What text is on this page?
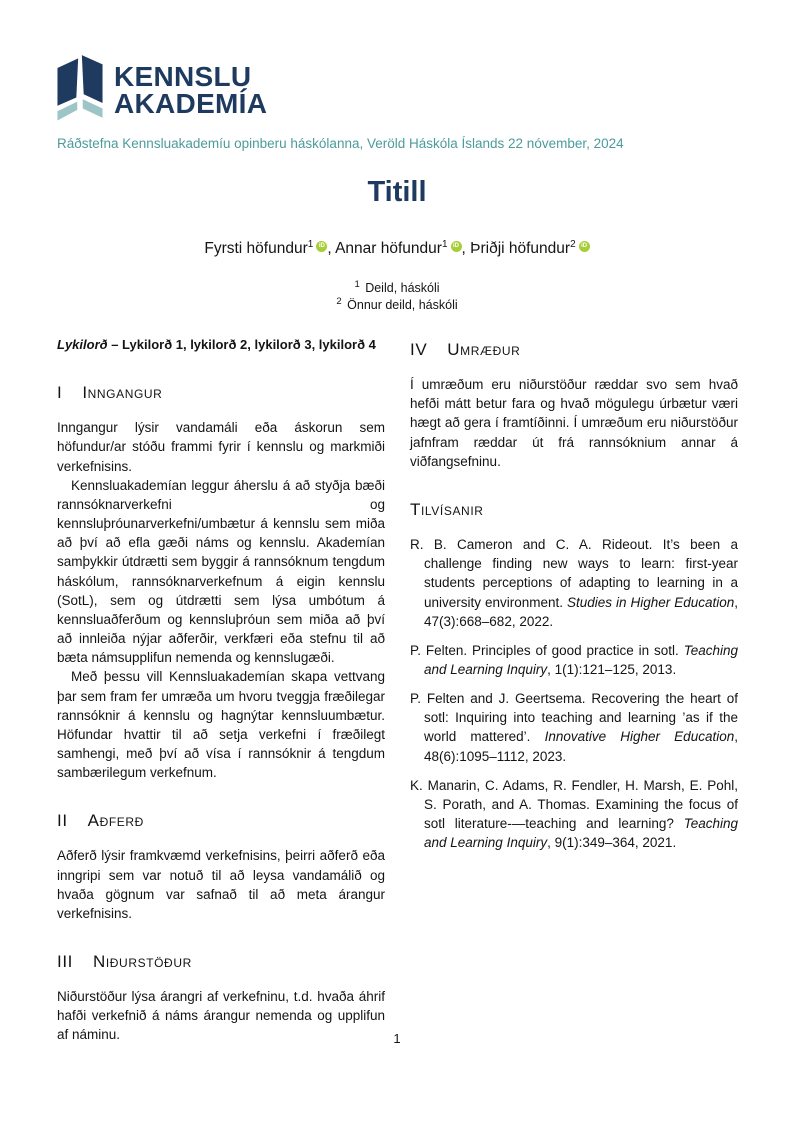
KENNSLU
AKADEMÍA
Ráðstefna Kennsluakademíu opinberu háskólanna, Veröld Háskóla Íslands 22 nóvember, 2024
Titill
Fyrsti höfundur$^1$ iD , Annar höfundur$^1$ iD , Þriðji höfundur$^2$ iD
$^1$ Deild, háskóli
$^2$ Önnur deild, háskóli
Lykilorð – Lykilorð 1, lykilorð 2, lykilorð 3, lykilorð 4
I Inngangur

Inngangur lýsir vandamáli eða áskorun sem höfundur/ar stóðu frammi fyrir í kennslu og markmiði verkefnisins.

Kennsluakademían leggur áherslu á að styðja bæði rannsóknarverkefni og kennsluþróunarverkefni/umbætur á kennslu sem miða að því að efla gæði náms og kennslu. Akademían samþykkir útdrætti sem byggir á rannsóknum tengdum háskólum, rannsóknarverkefnum á eigin kennslu (SotL), sem og útdrætti sem lýsa umbótum á kennsluaðferðum og kennsluþróun sem miða að því að innleiða nýjar aðferðir, verkfæri eða stefnu til að bæta námsupplifun nemenda og kennslugæði.

Með þessu vill Kennsluakademían skapa vettvang þar sem fram fer umræða um hvoru tveggja fræðilegar rannsóknir á kennslu og hagnýtar kennsluumbætur. Höfundar hvattir til að setja verkefni í fræðilegt samhengi, með því að vísa í rannsóknir á tengdum sambærilegum verkefnum.

II Aðferð

Aðferð lýsir framkvæmd verkefnisins, þeirri aðferð eða inngripi sem var notuð til að leysa vandamálið og hvaða gögnum var safnað til að meta árangur verkefnisins.

III Niðurstöður

Niðurstöður lýsa árangri af verkefninu, t.d. hvaða áhrif hafði verkefnið á náms árangur nemenda og upplifun af náminu.

IV Umræður

Í umræðum eru niðurstöður ræddar svo sem hvað hefði mátt betur fara og hvað mögulegu úrbætur væri hægt að gera í framtíðinni. Í umræðum eru niðurstöður jafnfram ræddar út frá rannsóknium annar á viðfangsefninu.

Tilvísanir
R. B. Cameron and C. A. Rideout. It’s been a challenge finding new ways to learn: first-year students perceptions of adapting to learning in a university environment. Studies in Higher Education, 47(3):668–682, 2022.
P. Felten. Principles of good practice in sotl. Teaching and Learning Inquiry, 1(1):121–125, 2013.
P. Felten and J. Geertsema. Recovering the heart of sotl: Inquiring into teaching and learning ’as if the world mattered’. Innovative Higher Education, 48(6):1095–1112, 2023.
K. Manarin, C. Adams, R. Fendler, H. Marsh, E. Pohl, S. Porath, and A. Thomas. Examining the focus of sotl literature-—teaching and learning? Teaching and Learning Inquiry, 9(1):349–364, 2021.
1
